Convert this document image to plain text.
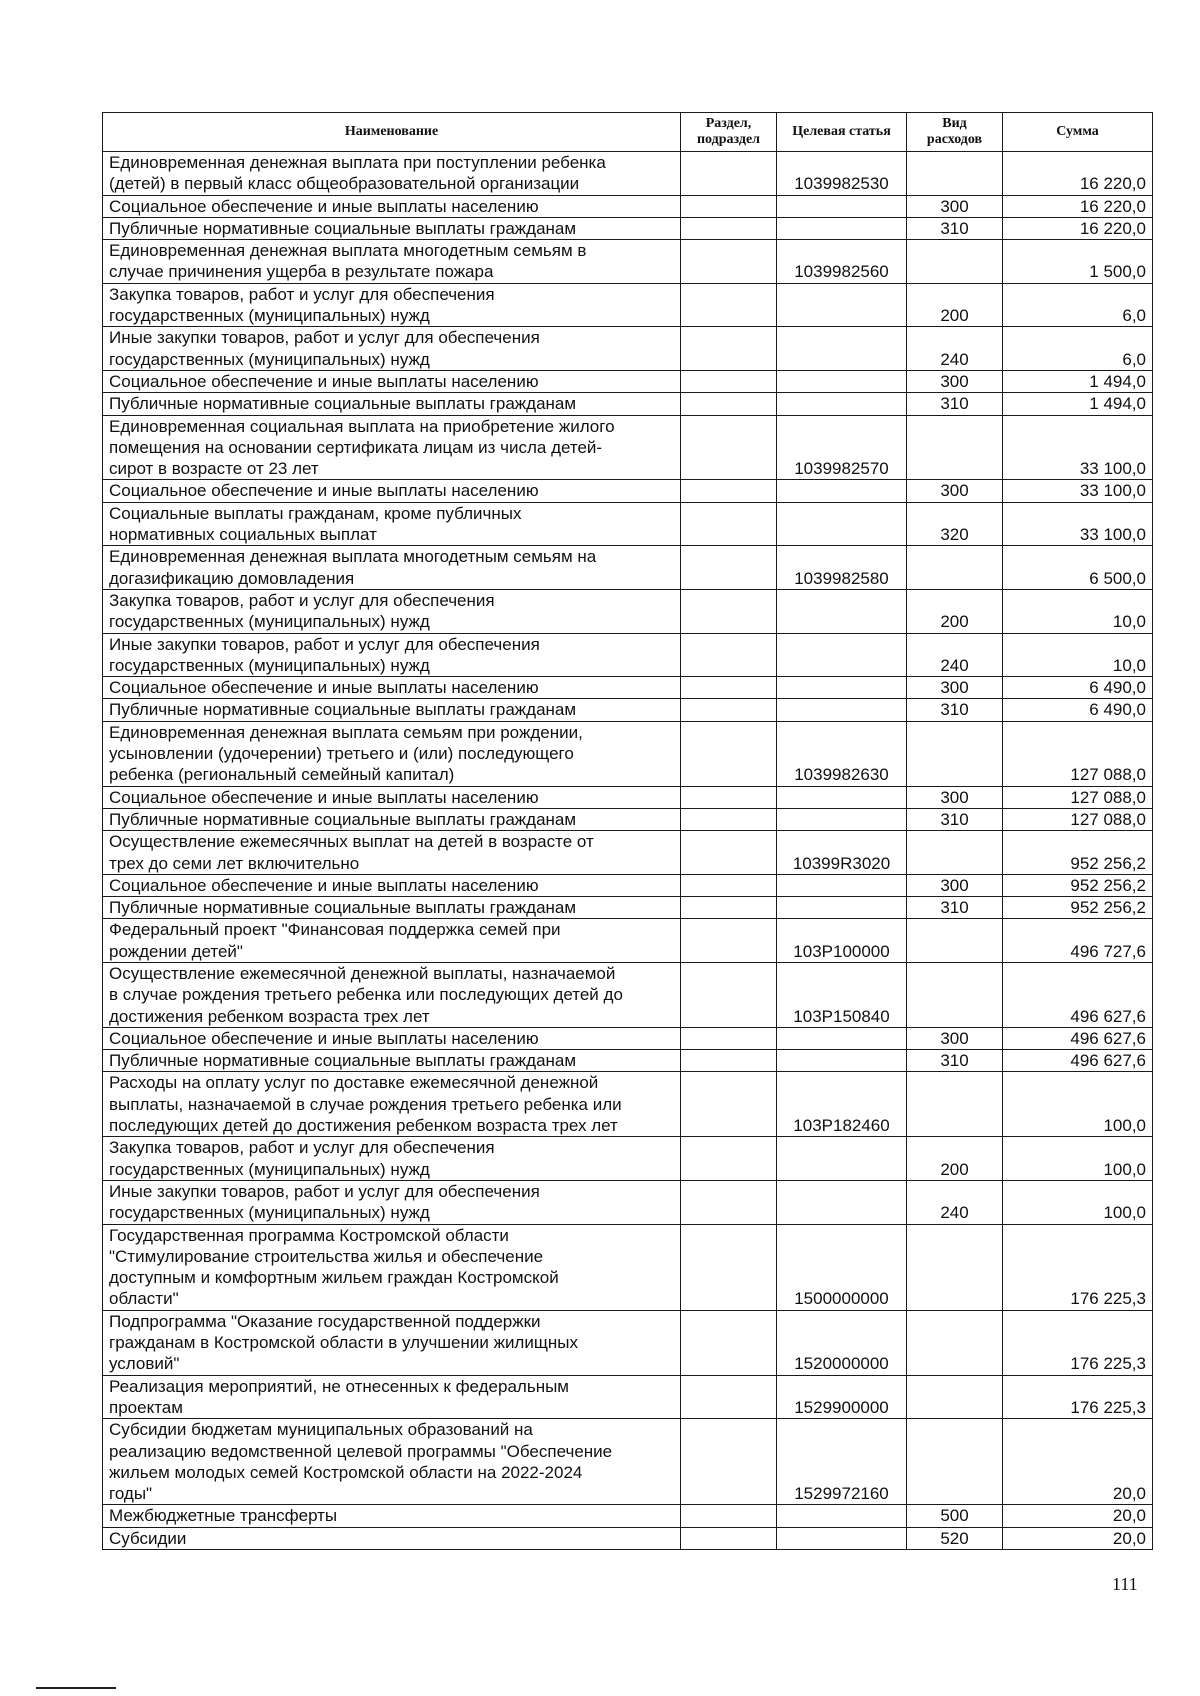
Наименование	Раздел, подраздел	Целевая статья	Вид расходов	Сумма

Единовременная денежная выплата при поступлении ребенка
(детей) в первый класс общеобразовательной организации		1039982530		16 220,0

Социальное обеспечение и иные выплаты населению			300	16 220,0

Публичные нормативные социальные выплаты гражданам			310	16 220,0

Единовременная денежная выплата многодетным семьям в
случае причинения ущерба в результате пожара		1039982560		1 500,0

Закупка товаров, работ и услуг для обеспечения
государственных (муниципальных) нужд			200	6,0

Иные закупки товаров, работ и услуг для обеспечения
государственных (муниципальных) нужд			240	6,0

Социальное обеспечение и иные выплаты населению			300	1 494,0

Публичные нормативные социальные выплаты гражданам			310	1 494,0

Единовременная социальная выплата на приобретение жилого
помещения на основании сертификата лицам из числа детей-
сирот в возрасте от 23 лет		1039982570		33 100,0

Социальное обеспечение и иные выплаты населению			300	33 100,0

Социальные выплаты гражданам, кроме публичных
нормативных социальных выплат			320	33 100,0

Единовременная денежная выплата многодетным семьям на
догазификацию домовладения		1039982580		6 500,0

Закупка товаров, работ и услуг для обеспечения
государственных (муниципальных) нужд			200	10,0

Иные закупки товаров, работ и услуг для обеспечения
государственных (муниципальных) нужд			240	10,0

Социальное обеспечение и иные выплаты населению			300	6 490,0

Публичные нормативные социальные выплаты гражданам			310	6 490,0

Единовременная денежная выплата семьям при рождении,
усыновлении (удочерении) третьего и (или) последующего
ребенка (региональный семейный капитал)		1039982630		127 088,0

Социальное обеспечение и иные выплаты населению			300	127 088,0

Публичные нормативные социальные выплаты гражданам			310	127 088,0

Осуществление ежемесячных выплат на детей в возрасте от
трех до семи лет включительно		10399R3020		952 256,2

Социальное обеспечение и иные выплаты населению			300	952 256,2

Публичные нормативные социальные выплаты гражданам			310	952 256,2

Федеральный проект "Финансовая поддержка семей при
рождении детей"		103P100000		496 727,6

Осуществление ежемесячной денежной выплаты, назначаемой
в случае рождения третьего ребенка или последующих детей до
достижения ребенком возраста трех лет		103P150840		496 627,6

Социальное обеспечение и иные выплаты населению			300	496 627,6

Публичные нормативные социальные выплаты гражданам			310	496 627,6

Расходы на оплату услуг по доставке ежемесячной денежной
выплаты, назначаемой в случае рождения третьего ребенка или
последующих детей до достижения ребенком возраста трех лет		103P182460		100,0

Закупка товаров, работ и услуг для обеспечения
государственных (муниципальных) нужд			200	100,0

Иные закупки товаров, работ и услуг для обеспечения
государственных (муниципальных) нужд			240	100,0

Государственная программа Костромской области
"Стимулирование строительства жилья и обеспечение
доступным и комфортным жильем граждан Костромской
области"		1500000000		176 225,3

Подпрограмма "Оказание государственной поддержки
гражданам в Костромской области в улучшении жилищных
условий"		1520000000		176 225,3

Реализация мероприятий, не отнесенных к федеральным
проектам		1529900000		176 225,3

Субсидии бюджетам муниципальных образований на
реализацию ведомственной целевой программы "Обеспечение
жильем молодых семей Костромской области на 2022-2024
годы"		1529972160		20,0

Межбюджетные трансферты			500	20,0

Субсидии			520	20,0
111
